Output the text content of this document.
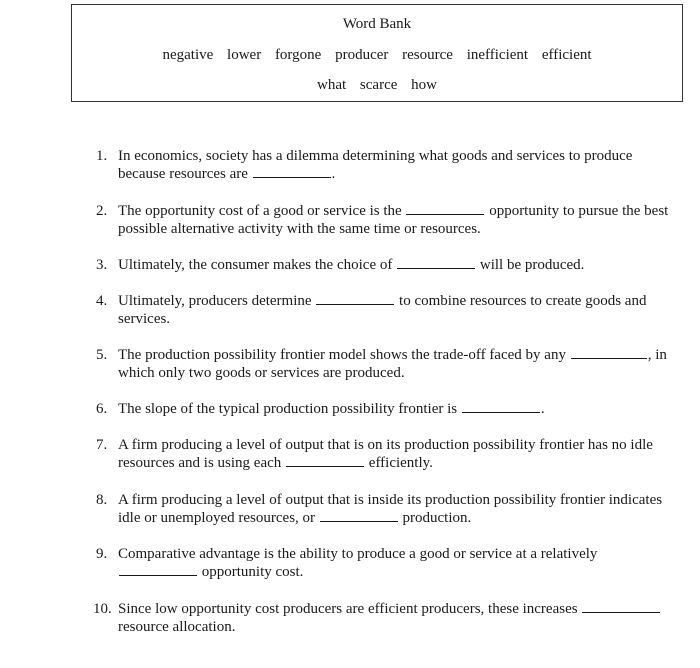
Word Bank
negative lower forgone producer resource inefficient efficient
what scarce how
1. In economics, society has a dilemma determining what goods and services to produce because resources are	.
2. The opportunity cost of a good or service is the	opportunity to pursue the best possible alternative activity with the same time or resources.
3. Ultimately, the consumer makes the choice of	will be produced.
4. Ultimately, producers determine	to combine resources to create goods and services.
5. The production possibility frontier model shows the trade-off faced by any	, in which only two goods or services are produced.
6. The slope of the typical production possibility frontier is	.
7. A firm producing a level of output that is on its production possibility frontier has no idle resources and is using each	efficiently.
8. A firm producing a level of output that is inside its production possibility frontier indicates idle or unemployed resources, or	production.
9. Comparative advantage is the ability to produce a good or service at a relatively  opportunity cost.
10. Since low opportunity cost producers are efficient producers, these increases  resource allocation.
